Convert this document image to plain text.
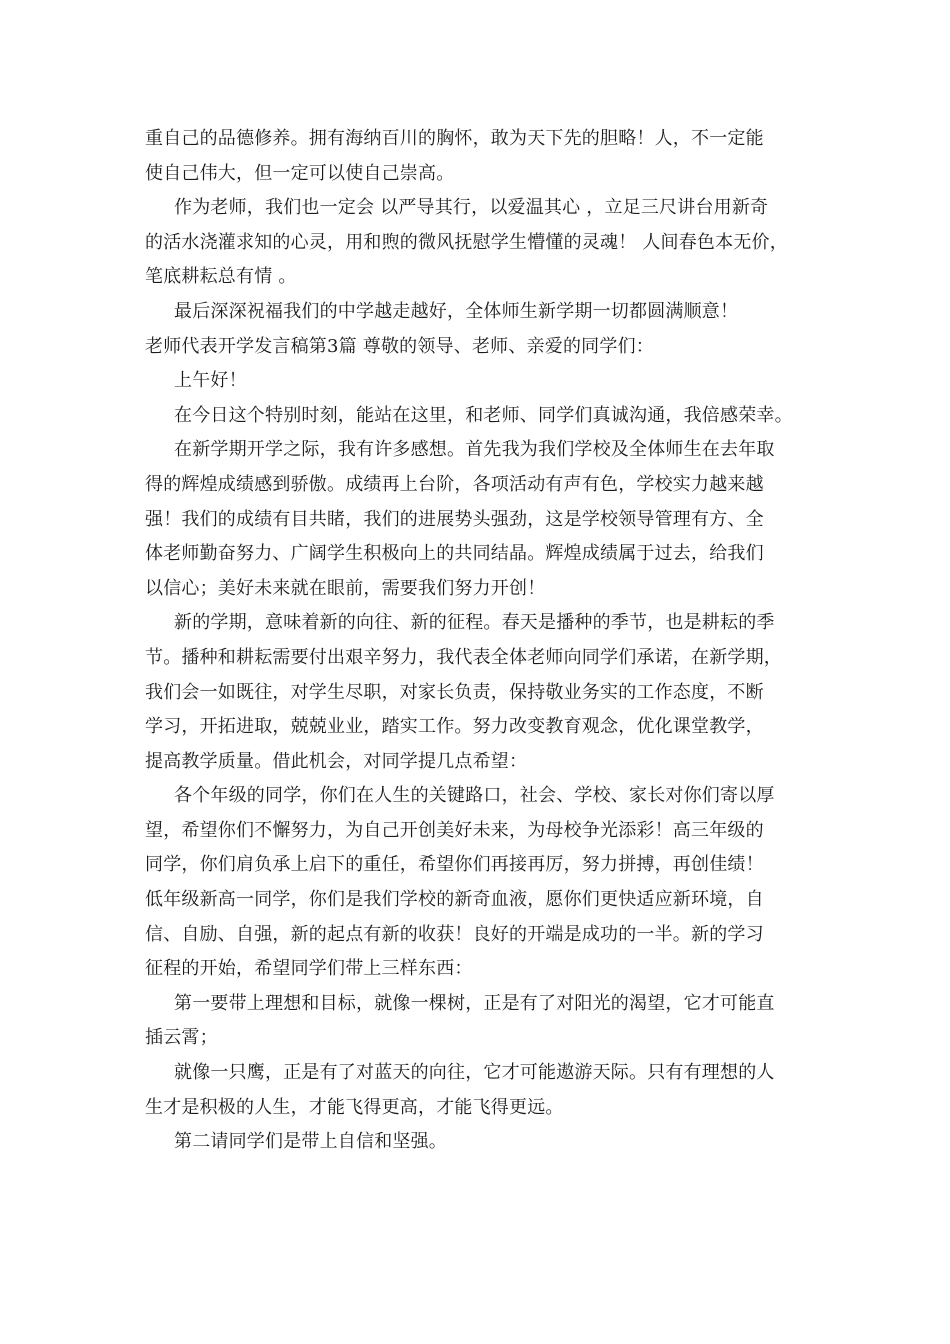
重自己的品德修养。拥有海纳百川的胸怀，敢为天下先的胆略！人，不一定能
使自己伟大，但一定可以使自己崇高。
作为老师，我们也一定会 以严导其行，以爱温其心 ，立足三尺讲台用新奇
的活水浇灌求知的心灵，用和煦的微风抚慰学生懵懂的灵魂！ 人间春色本无价，
笔底耕耘总有情 。
最后深深祝福我们的中学越走越好，全体师生新学期一切都圆满顺意！
老师代表开学发言稿第3篇 尊敬的领导、老师、亲爱的同学们：
上午好！
在今日这个特别时刻，能站在这里，和老师、同学们真诚沟通，我倍感荣幸。
在新学期开学之际，我有许多感想。首先我为我们学校及全体师生在去年取
得的辉煌成绩感到骄傲。成绩再上台阶，各项活动有声有色，学校实力越来越
强！我们的成绩有目共睹，我们的进展势头强劲，这是学校领导管理有方、全
体老师勤奋努力、广阔学生积极向上的共同结晶。辉煌成绩属于过去，给我们
以信心；美好未来就在眼前，需要我们努力开创！
新的学期，意味着新的向往、新的征程。春天是播种的季节，也是耕耘的季
节。播种和耕耘需要付出艰辛努力，我代表全体老师向同学们承诺，在新学期，
我们会一如既往，对学生尽职，对家长负责，保持敬业务实的工作态度，不断
学习，开拓进取，兢兢业业，踏实工作。努力改变教育观念，优化课堂教学，
提高教学质量。借此机会，对同学提几点希望：
各个年级的同学，你们在人生的关键路口，社会、学校、家长对你们寄以厚
望，希望你们不懈努力，为自己开创美好未来，为母校争光添彩！高三年级的
同学，你们肩负承上启下的重任，希望你们再接再厉，努力拼搏，再创佳绩！
低年级新高一同学，你们是我们学校的新奇血液，愿你们更快适应新环境，自
信、自励、自强，新的起点有新的收获！良好的开端是成功的一半。新的学习
征程的开始，希望同学们带上三样东西：
第一要带上理想和目标，就像一棵树，正是有了对阳光的渴望，它才可能直
插云霄；
就像一只鹰，正是有了对蓝天的向往，它才可能遨游天际。只有有理想的人
生才是积极的人生，才能飞得更高，才能飞得更远。
第二请同学们是带上自信和坚强。
